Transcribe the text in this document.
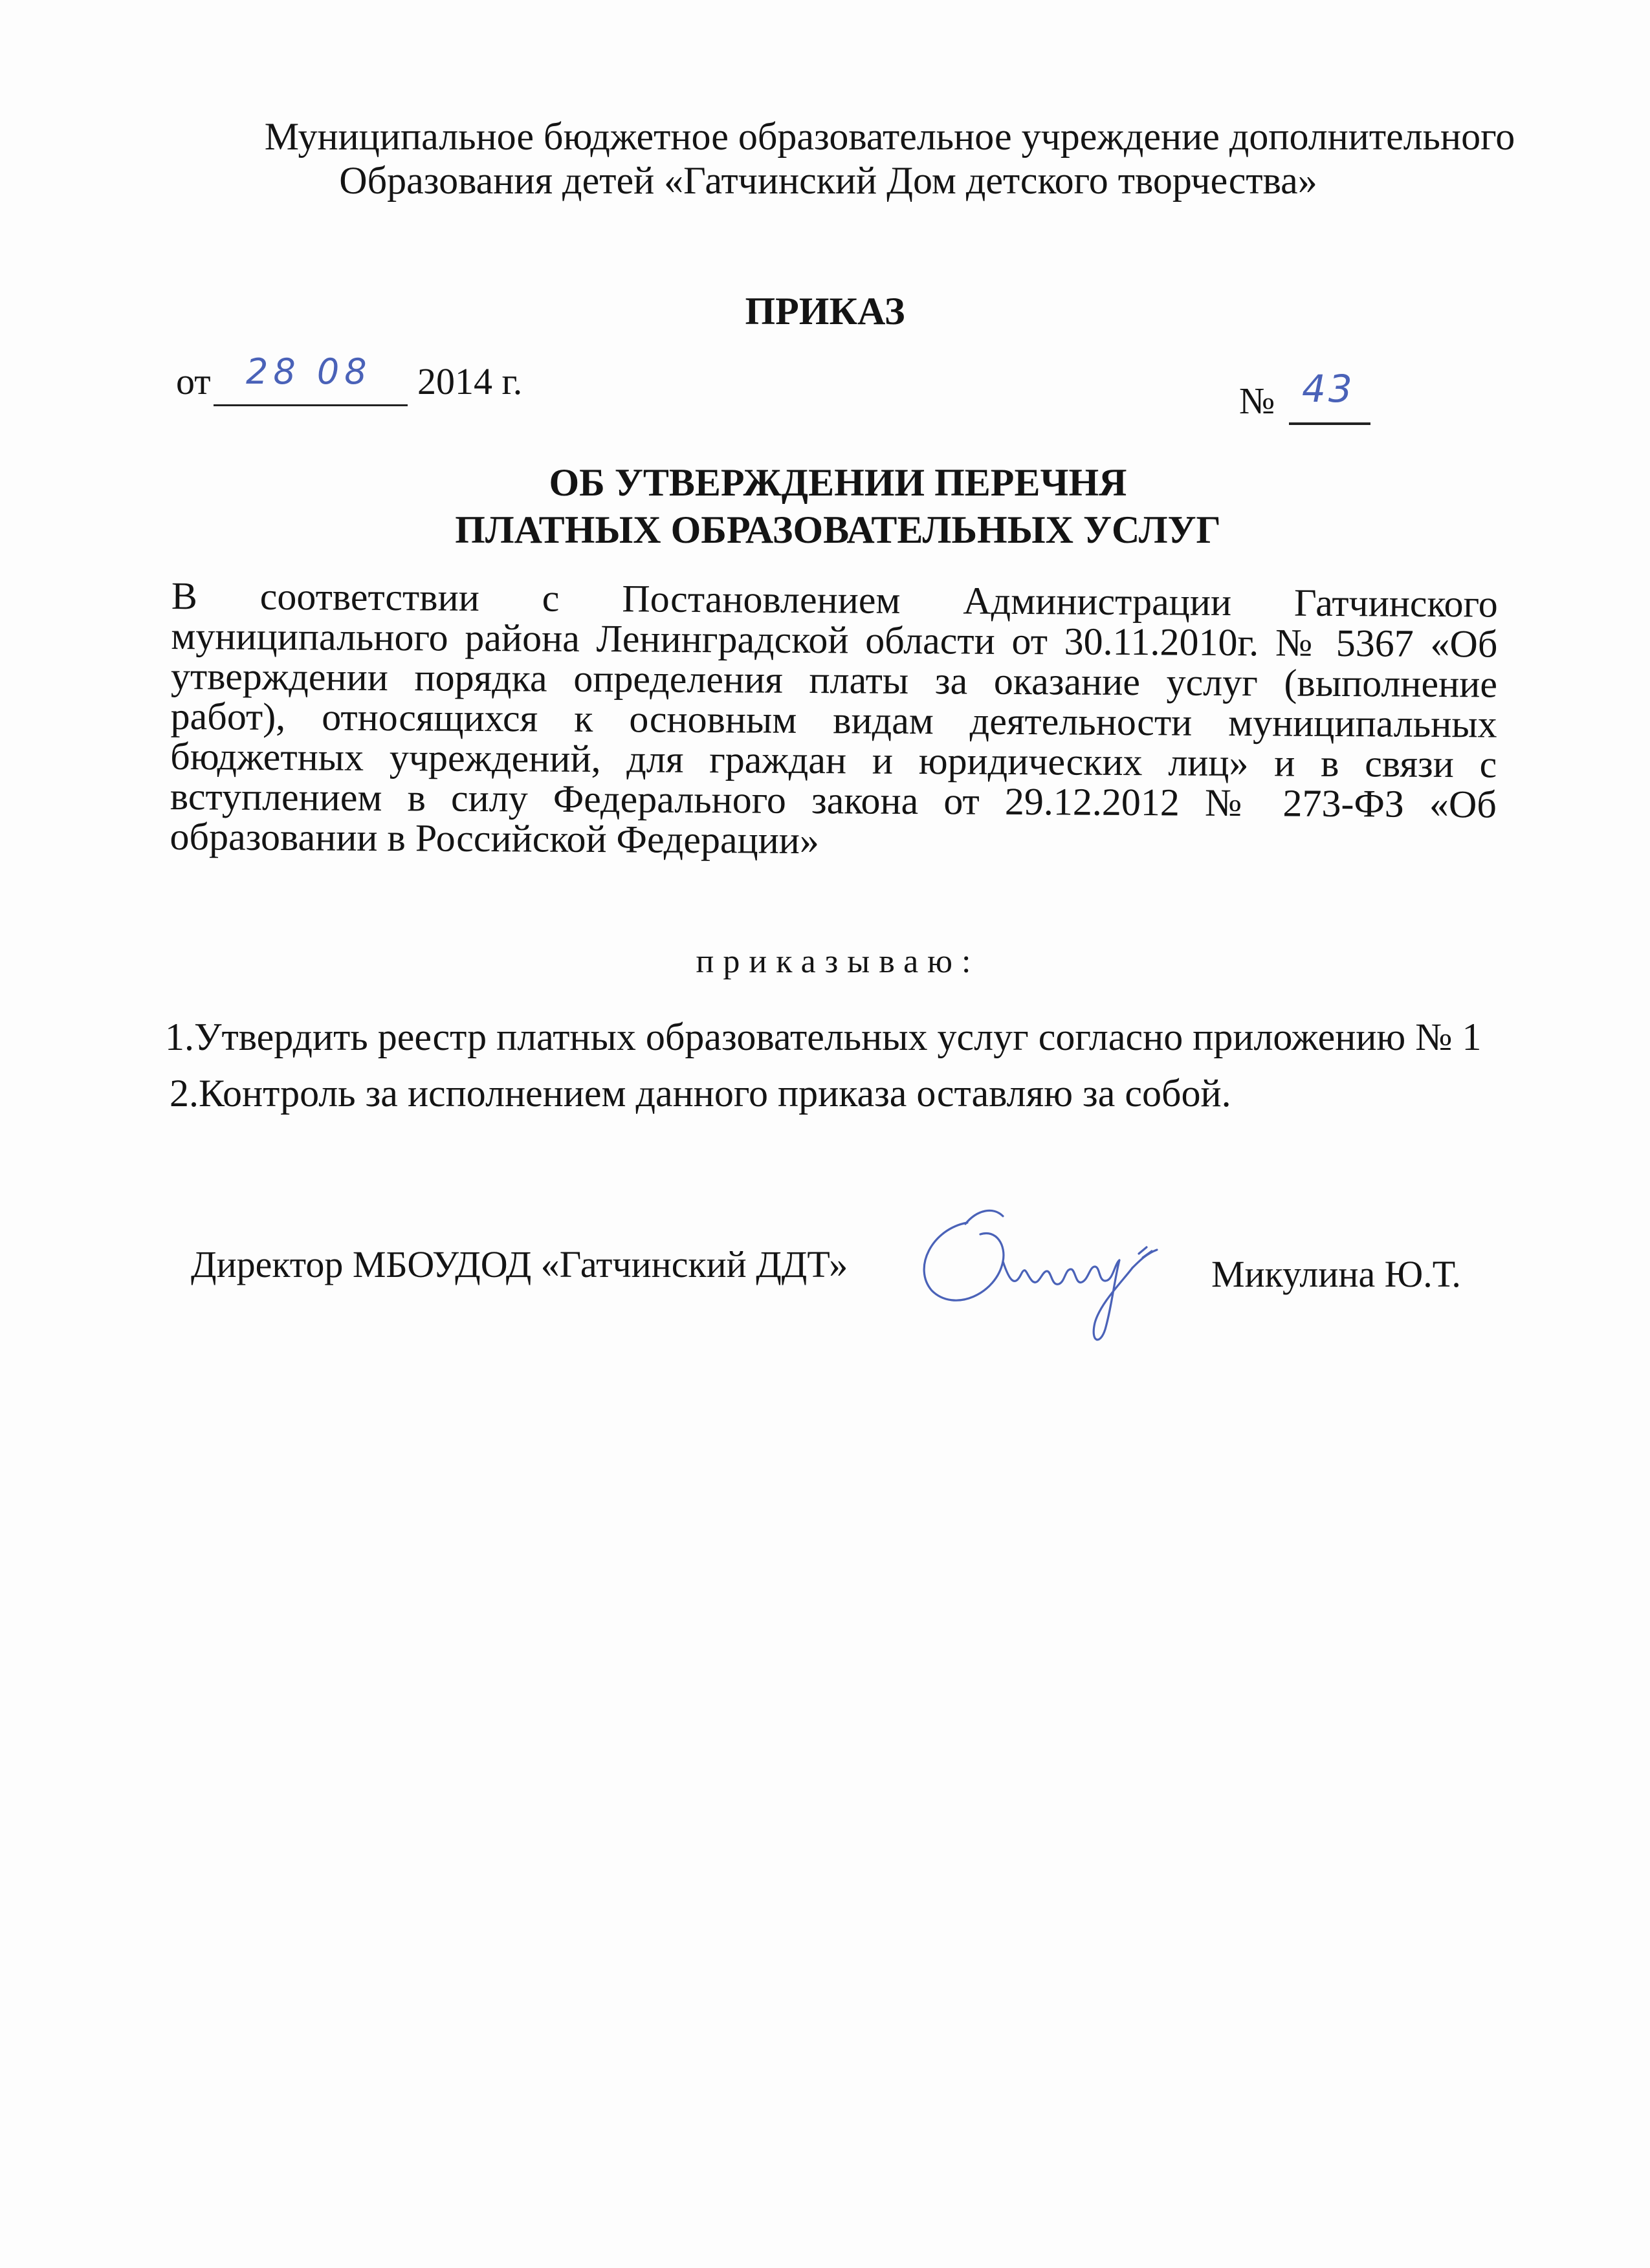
Муниципальное бюджетное образовательное учреждение дополнительного
Образования детей «Гатчинский Дом детского творчества»
ПРИКАЗ
от 28 08 2014 г.	№ 43
ОБ УТВЕРЖДЕНИИ ПЕРЕЧНЯ
ПЛАТНЫХ ОБРАЗОВАТЕЛЬНЫХ УСЛУГ
В соответствии с Постановлением Администрации Гатчинского муниципального района Ленинградской области от 30.11.2010г. № 5367 «Об утверждении порядка определения платы за оказание услуг (выполнение работ), относящихся к основным видам деятельности муниципальных бюджетных учреждений, для граждан и юридических лиц» и в связи с вступлением в силу Федерального закона от 29.12.2012 № 273-ФЗ «Об образовании в Российской Федерации»
приказываю:
1.Утвердить реестр платных образовательных услуг согласно приложению № 1
2.Контроль за исполнением данного приказа оставляю за собой.
Директор МБОУДОД «Гатчинский ДДТ»	Микулина Ю.Т.
